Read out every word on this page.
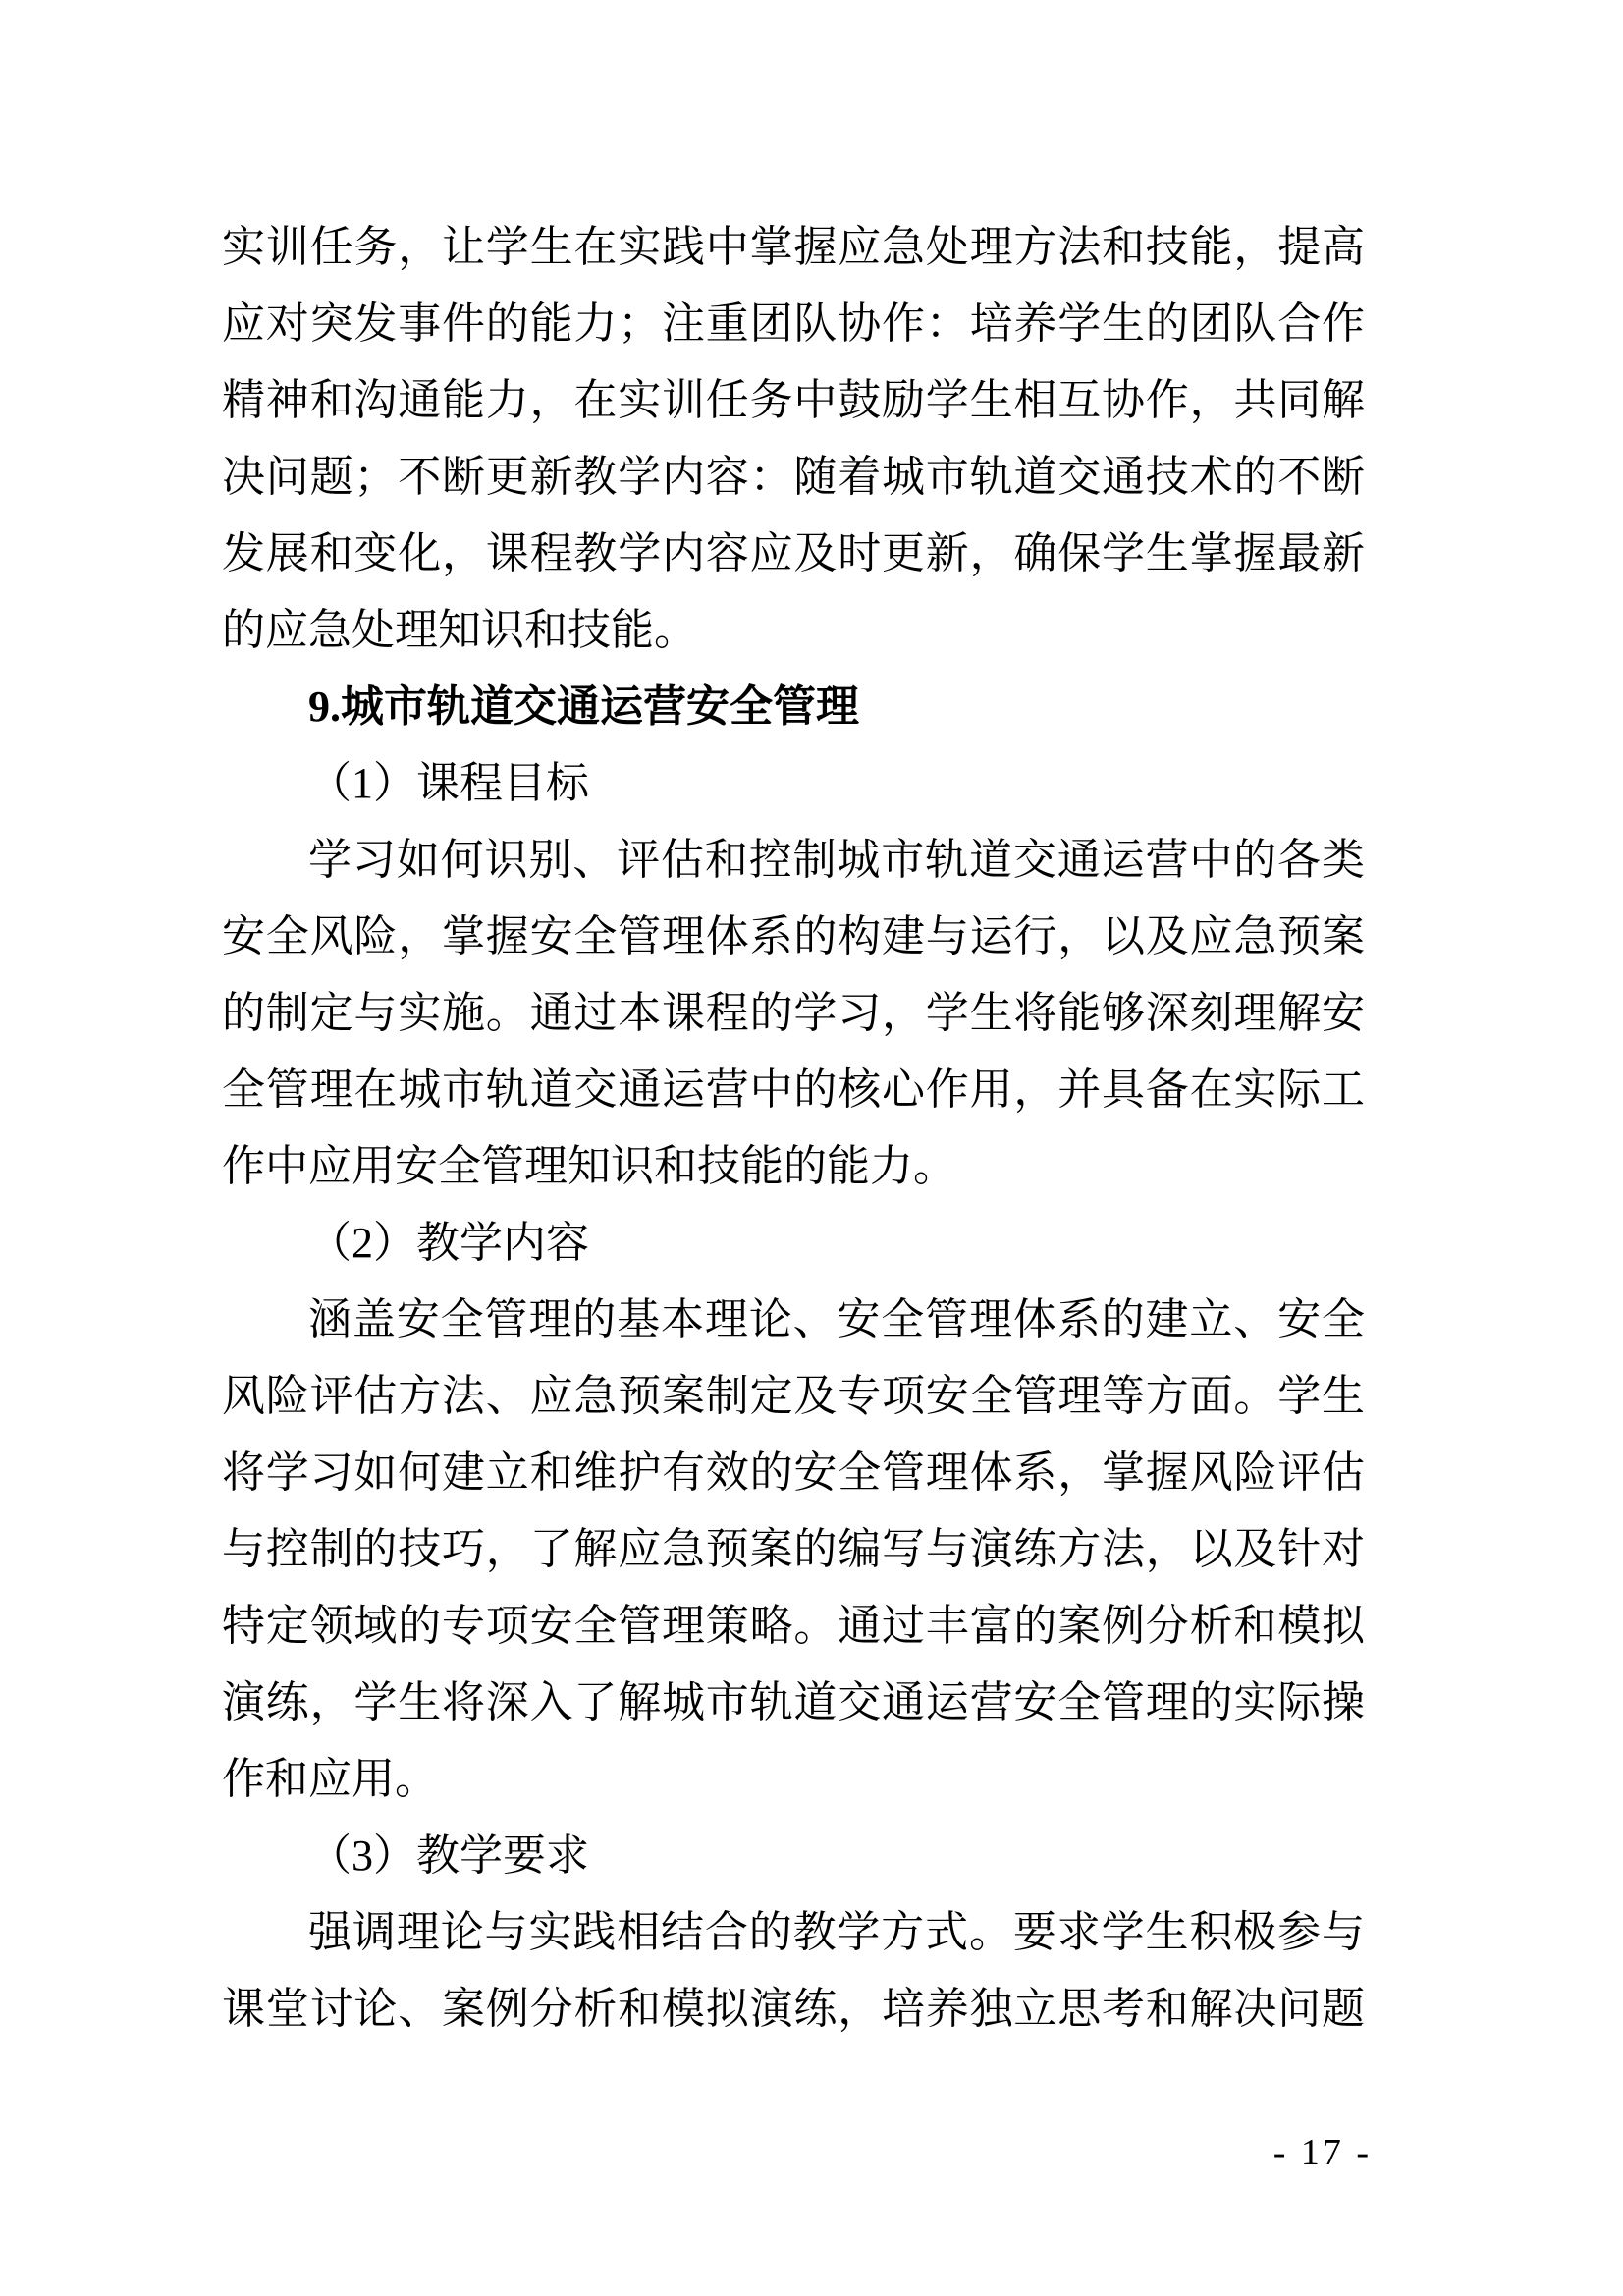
实训任务，让学生在实践中掌握应急处理方法和技能，提高

应对突发事件的能力；注重团队协作：培养学生的团队合作

精神和沟通能力，在实训任务中鼓励学生相互协作，共同解

决问题；不断更新教学内容：随着城市轨道交通技术的不断

发展和变化，课程教学内容应及时更新，确保学生掌握最新

的应急处理知识和技能。

9.城市轨道交通运营安全管理

（1）课程目标

学习如何识别、评估和控制城市轨道交通运营中的各类

安全风险，掌握安全管理体系的构建与运行，以及应急预案

的制定与实施。通过本课程的学习，学生将能够深刻理解安

全管理在城市轨道交通运营中的核心作用，并具备在实际工

作中应用安全管理知识和技能的能力。

（2）教学内容

涵盖安全管理的基本理论、安全管理体系的建立、安全

风险评估方法、应急预案制定及专项安全管理等方面。学生

将学习如何建立和维护有效的安全管理体系，掌握风险评估

与控制的技巧，了解应急预案的编写与演练方法，以及针对

特定领域的专项安全管理策略。通过丰富的案例分析和模拟

演练，学生将深入了解城市轨道交通运营安全管理的实际操

作和应用。

（3）教学要求

强调理论与实践相结合的教学方式。要求学生积极参与

课堂讨论、案例分析和模拟演练，培养独立思考和解决问题

- 17 -
